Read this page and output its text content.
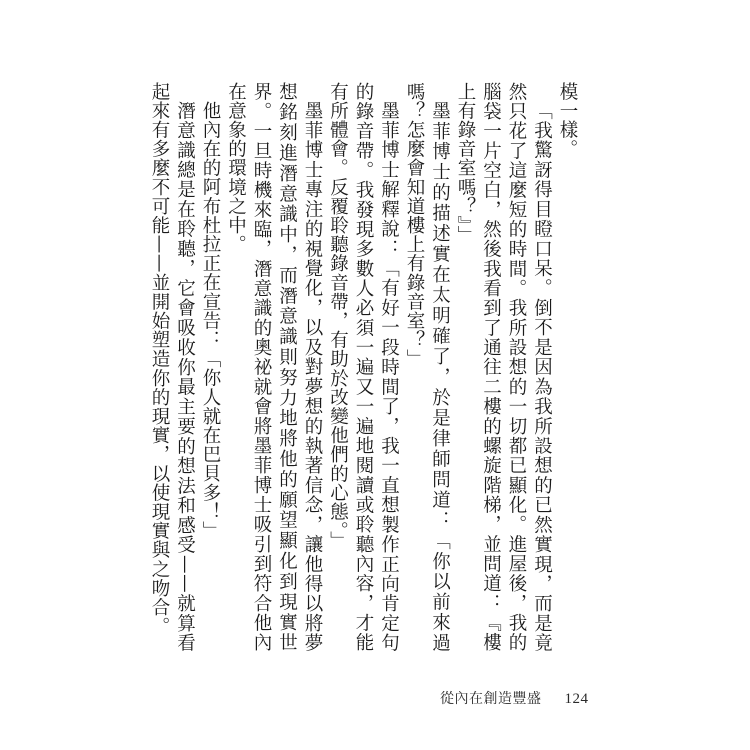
模一樣。

「我驚訝得目瞪口呆。倒不是因為我所設想的已然實現，而是竟然只花了這麼短的時間。我所設想的一切都已顯化。進屋後，我的腦袋一片空白，然後我看到了通往二樓的螺旋階梯，並問道：『樓上有錄音室嗎？』」

墨菲博士的描述實在太明確了，於是律師問道：「你以前來過嗎？怎麼會知道樓上有錄音室？」

墨菲博士解釋說：「有好一段時間了，我一直想製作正向肯定句的錄音帶。我發現多數人必須一遍又一遍地閱讀或聆聽內容，才能有所體會。反覆聆聽錄音帶，有助於改變他們的心態。」

墨菲博士專注的視覺化，以及對夢想的執著信念，讓他得以將夢想銘刻進潛意識中，而潛意識則努力地將他的願望顯化到現實世界。一旦時機來臨，潛意識的奧祕就會將墨菲博士吸引到符合他內在意象的環境之中。

他內在的阿布杜拉正在宣告：「你人就在巴貝多！」

潛意識總是在聆聽，它會吸收你最主要的想法和感受——就算看起來有多麼不可能——並開始塑造你的現實，以使現實與之吻合。

從內在創造豐盛 124
